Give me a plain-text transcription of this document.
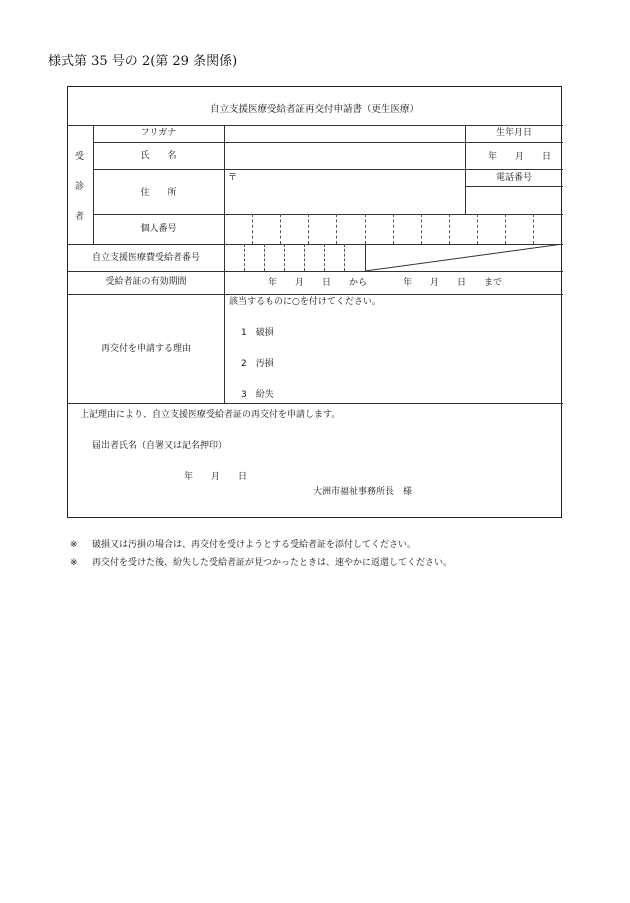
様式第 35 号の 2(第 29 条関係)
自立支援医療受給者証再交付申請書（更生医療）
受
診
者
フリガナ
氏　　名
住　　所
個人番号
自立支援医療費受給者番号
受給者証の有効期間
再交付を申請する理由
〒
生年月日
年　　月　　日
電話番号
年　　月　　日　　から　　　　年　　月　　日　　まで
該当するものに○を付けてください。
1　破損
2　汚損
3　紛失
上記理由により、自立支援医療受給者証の再交付を申請します。
届出者氏名（自署又は記名押印）
年　　月　　日
大洲市福祉事務所長　様
※ 破損又は汚損の場合は、再交付を受けようとする受給者証を添付してください。
※ 再交付を受けた後、紛失した受給者証が見つかったときは、速やかに返還してください。
